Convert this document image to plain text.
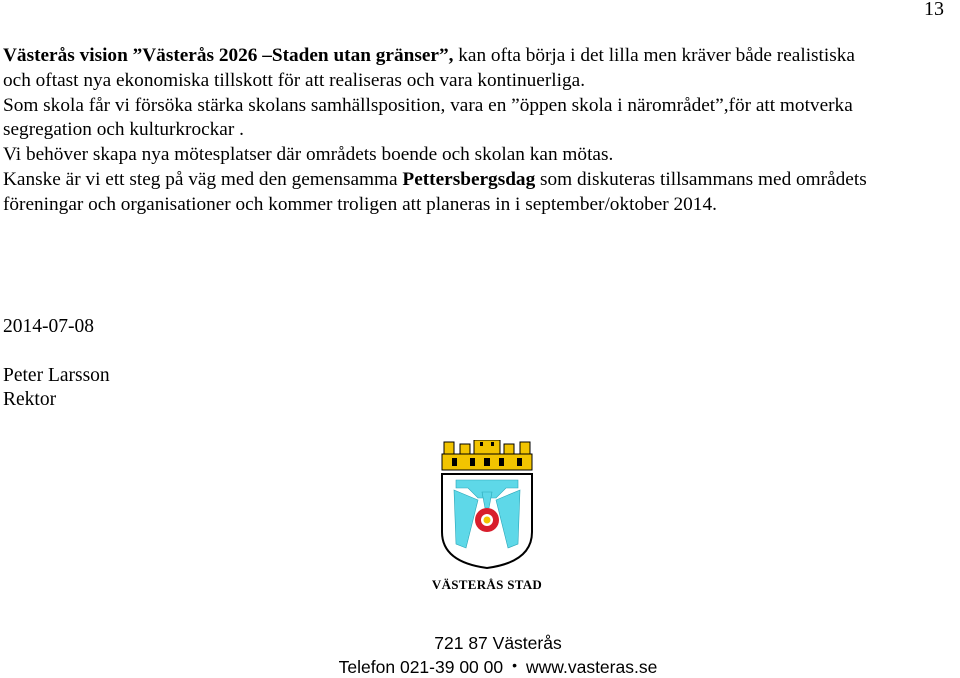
13
Västerås vision ”Västerås 2026 –Staden utan gränser”, kan ofta börja i det lilla men kräver både realistiska
och oftast nya ekonomiska tillskott för att realiseras och vara kontinuerliga.
Som skola får vi försöka stärka skolans samhällsposition, vara en ”öppen skola i närområdet”,för att motverka
segregation och kulturkrockar .
Vi behöver skapa nya mötesplatser där områdets boende och skolan kan mötas.
Kanske är vi ett steg på väg med den gemensamma Pettersbergsdag som diskuteras tillsammans med områdets
föreningar och organisationer och kommer troligen att planeras in i september/oktober 2014.
2014-07-08
Peter Larsson
Rektor
VÄSTERÅS STAD
721 87 Västerås
Telefon 021-39 00 00 • www.vasteras.se
